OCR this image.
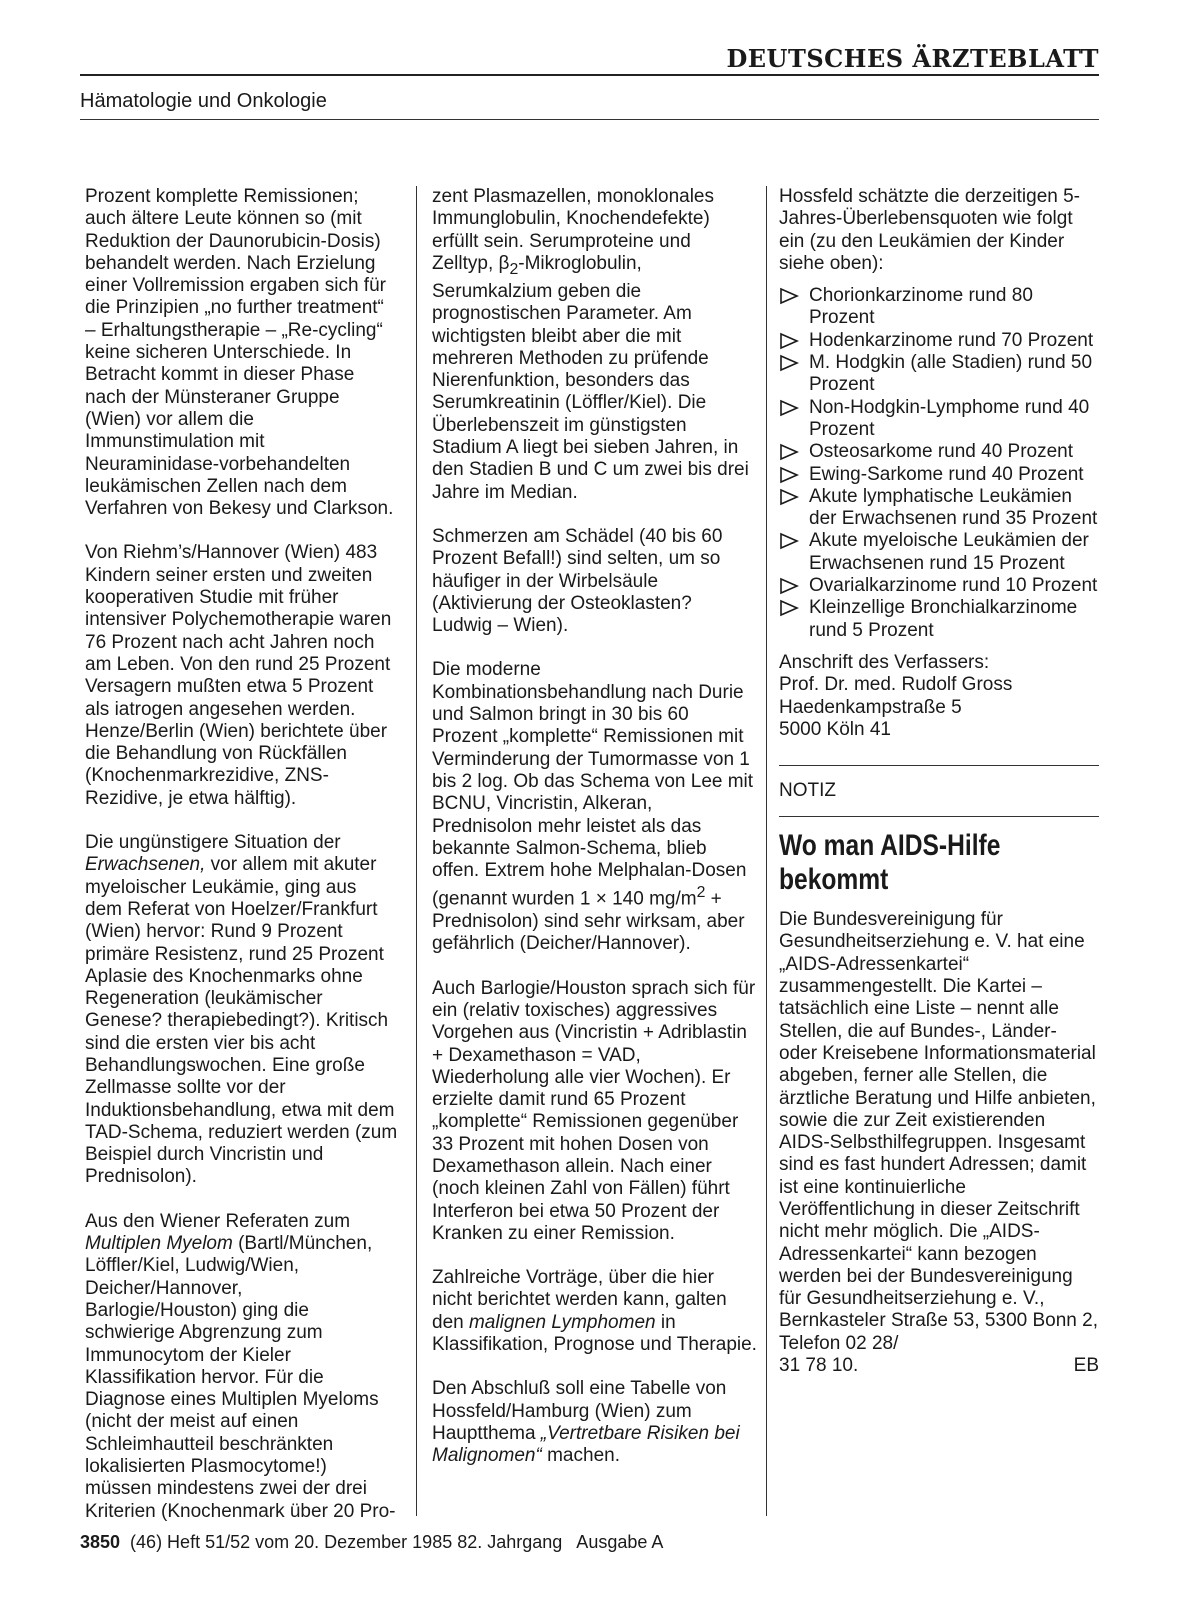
DEUTSCHES ÄRZTEBLATT
Hämatologie und Onkologie

Prozent komplette Remissionen; auch ältere Leute können so (mit Reduktion der Daunorubicin-Dosis) behandelt werden. Nach Erzielung einer Vollremission ergaben sich für die Prinzipien „no further treatment“ – Erhaltungstherapie – „Re-cycling“ keine sicheren Unterschiede. In Betracht kommt in dieser Phase nach der Münsteraner Gruppe (Wien) vor allem die Immunstimulation mit Neuraminidase-vorbehandelten leukämischen Zellen nach dem Verfahren von Bekesy und Clarkson.

Von Riehm’s/Hannover (Wien) 483 Kindern seiner ersten und zweiten kooperativen Studie mit früher intensiver Polychemotherapie waren 76 Prozent nach acht Jahren noch am Leben. Von den rund 25 Prozent Versagern mußten etwa 5 Prozent als iatrogen angesehen werden. Henze/Berlin (Wien) berichtete über die Behandlung von Rückfällen (Knochenmarkrezidive, ZNS-Rezidive, je etwa hälftig).

Die ungünstigere Situation der Erwachsenen, vor allem mit akuter myeloischer Leukämie, ging aus dem Referat von Hoelzer/Frankfurt (Wien) hervor: Rund 9 Prozent primäre Resistenz, rund 25 Prozent Aplasie des Knochenmarks ohne Regeneration (leukämischer Genese? therapiebedingt?). Kritisch sind die ersten vier bis acht Behandlungswochen. Eine große Zellmasse sollte vor der Induktionsbehandlung, etwa mit dem TAD-Schema, reduziert werden (zum Beispiel durch Vincristin und Prednisolon).

Aus den Wiener Referaten zum Multiplen Myelom (Bartl/München, Löffler/Kiel, Ludwig/Wien, Deicher/Hannover, Barlogie/Houston) ging die schwierige Abgrenzung zum Immunocytom der Kieler Klassifikation hervor. Für die Diagnose eines Multiplen Myeloms (nicht der meist auf einen Schleimhautteil beschränkten lokalisierten Plasmocytome!) müssen mindestens zwei der drei Kriterien (Knochenmark über 20 Pro-

zent Plasmazellen, monoklonales Immunglobulin, Knochendefekte) erfüllt sein. Serumproteine und Zelltyp, $\beta_2$-Mikroglobulin, Serumkalzium geben die prognostischen Parameter. Am wichtigsten bleibt aber die mit mehreren Methoden zu prüfende Nierenfunktion, besonders das Serumkreatinin (Löffler/Kiel). Die Überlebenszeit im günstigsten Stadium A liegt bei sieben Jahren, in den Stadien B und C um zwei bis drei Jahre im Median.

Schmerzen am Schädel (40 bis 60 Prozent Befall!) sind selten, um so häufiger in der Wirbelsäule (Aktivierung der Osteoklasten? Ludwig – Wien).

Die moderne Kombinationsbehandlung nach Durie und Salmon bringt in 30 bis 60 Prozent „komplette“ Remissionen mit Verminderung der Tumormasse von 1 bis 2 log. Ob das Schema von Lee mit BCNU, Vincristin, Alkeran, Prednisolon mehr leistet als das bekannte Salmon-Schema, blieb offen. Extrem hohe Melphalan-Dosen (genannt wurden 1 × 140 $mg/m^2$ + Prednisolon) sind sehr wirksam, aber gefährlich (Deicher/Hannover).

Auch Barlogie/Houston sprach sich für ein (relativ toxisches) aggressives Vorgehen aus (Vincristin + Adriblastin + Dexamethason = VAD, Wiederholung alle vier Wochen). Er erzielte damit rund 65 Prozent „komplette“ Remissionen gegenüber 33 Prozent mit hohen Dosen von Dexamethason allein. Nach einer (noch kleinen Zahl von Fällen) führt Interferon bei etwa 50 Prozent der Kranken zu einer Remission.

Zahlreiche Vorträge, über die hier nicht berichtet werden kann, galten den malignen Lymphomen in Klassifikation, Prognose und Therapie.

Den Abschluß soll eine Tabelle von Hossfeld/Hamburg (Wien) zum Hauptthema „Vertretbare Risiken bei Malignomen“ machen.

Hossfeld schätzte die derzeitigen 5-Jahres-Überlebensquoten wie folgt ein (zu den Leukämien der Kinder siehe oben):

Chorionkarzinome rund 80 Prozent
Hodenkarzinome rund 70 Prozent
M. Hodgkin (alle Stadien) rund 50 Prozent
Non-Hodgkin-Lymphome rund 40 Prozent
Osteosarkome rund 40 Prozent
Ewing-Sarkome rund 40 Prozent
Akute lymphatische Leukämien der Erwachsenen rund 35 Prozent
Akute myeloische Leukämien der Erwachsenen rund 15 Prozent
Ovarialkarzinome rund 10 Prozent
Kleinzellige Bronchialkarzinome rund 5 Prozent
Anschrift des Verfassers:
Prof. Dr. med. Rudolf Gross
Haedenkampstraße 5
5000 Köln 41
NOTIZ
Wo man AIDS-Hilfe bekommt

Die Bundesvereinigung für Gesundheitserziehung e. V. hat eine „AIDS-Adressenkartei“ zusammengestellt. Die Kartei – tatsächlich eine Liste – nennt alle Stellen, die auf Bundes-, Länder- oder Kreisebene Informationsmaterial abgeben, ferner alle Stellen, die ärztliche Beratung und Hilfe anbieten, sowie die zur Zeit existierenden AIDS-Selbsthilfegruppen. Insgesamt sind es fast hundert Adressen; damit ist eine kontinuierliche Veröffentlichung in dieser Zeitschrift nicht mehr möglich. Die „AIDS-Adressenkartei“ kann bezogen werden bei der Bundesvereinigung für Gesundheitserziehung e. V., Bernkasteler Straße 53, 5300 Bonn 2, Telefon 02 28/

31 78 10.	EB
3850 (46) Heft 51/52 vom 20. Dezember 1985 82. Jahrgang   Ausgabe A
